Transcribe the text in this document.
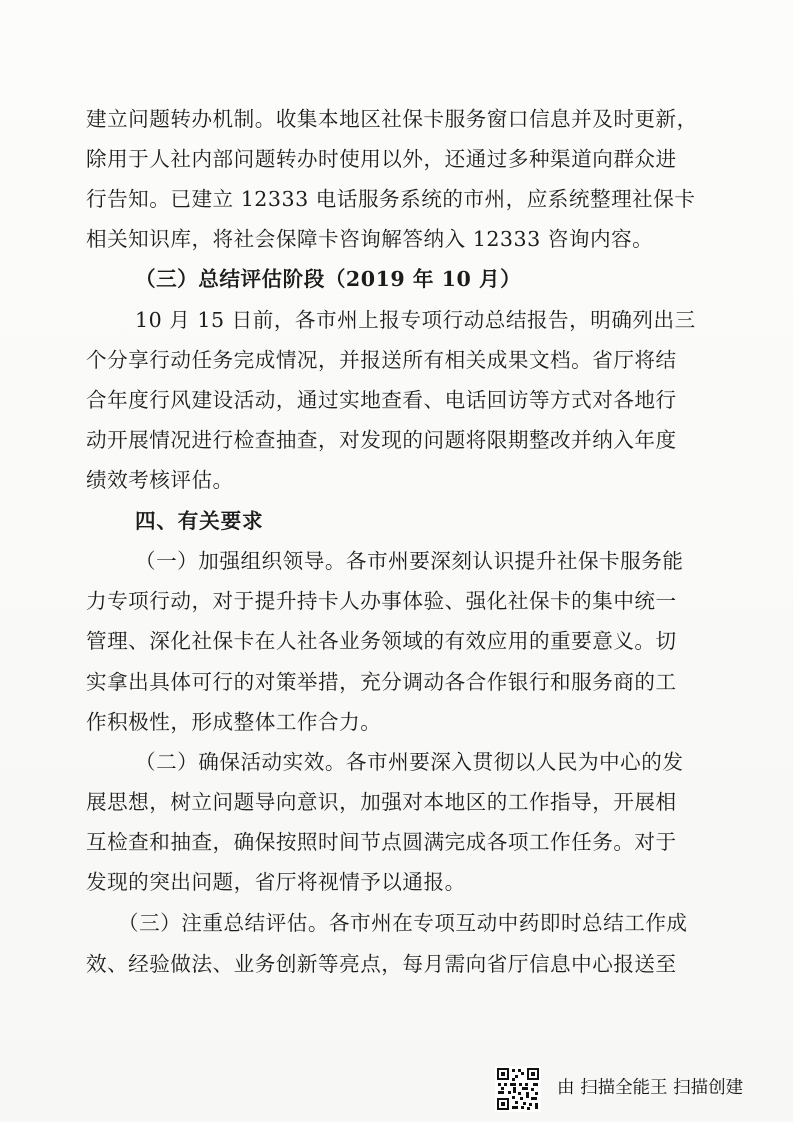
建立问题转办机制。收集本地区社保卡服务窗口信息并及时更新，
除用于人社内部问题转办时使用以外，还通过多种渠道向群众进
行告知。已建立 12333 电话服务系统的市州，应系统整理社保卡
相关知识库，将社会保障卡咨询解答纳入 12333 咨询内容。
（三）总结评估阶段（2019 年 10 月）
10 月 15 日前，各市州上报专项行动总结报告，明确列出三
个分享行动任务完成情况，并报送所有相关成果文档。省厅将结
合年度行风建设活动，通过实地查看、电话回访等方式对各地行
动开展情况进行检查抽查，对发现的问题将限期整改并纳入年度
绩效考核评估。
四、有关要求
（一）加强组织领导。各市州要深刻认识提升社保卡服务能
力专项行动，对于提升持卡人办事体验、强化社保卡的集中统一
管理、深化社保卡在人社各业务领域的有效应用的重要意义。切
实拿出具体可行的对策举措，充分调动各合作银行和服务商的工
作积极性，形成整体工作合力。
（二）确保活动实效。各市州要深入贯彻以人民为中心的发
展思想，树立问题导向意识，加强对本地区的工作指导，开展相
互检查和抽查，确保按照时间节点圆满完成各项工作任务。对于
发现的突出问题，省厅将视情予以通报。
（三）注重总结评估。各市州在专项互动中药即时总结工作成
效、经验做法、业务创新等亮点，每月需向省厅信息中心报送至
由 扫描全能王 扫描创建
